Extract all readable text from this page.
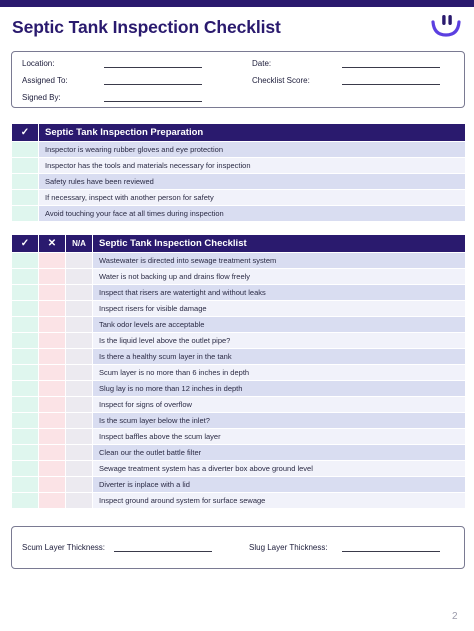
Septic Tank Inspection Checklist
Location:
Assigned To:
Signed By:
Date:
Checklist Score:
✓	Septic Tank Inspection Preparation
	Inspector is wearing rubber gloves and eye protection
	Inspector has the tools and materials necessary for inspection
	Safety rules have been reviewed
	If necessary, inspect with another person for safety
	Avoid touching your face at all times during inspection
✓	✕	N/A	Septic Tank Inspection Checklist
			Wastewater is directed into sewage treatment system
			Water is not backing up and drains flow freely
			Inspect that risers are watertight and without leaks
			Inspect risers for visible damage
			Tank odor levels are acceptable
			Is the liquid level above the outlet pipe?
			Is there a healthy scum layer in the tank
			Scum layer is no more than 6 inches in depth
			Slug lay is no more than 12 inches in depth
			Inspect for signs of overflow
			Is the scum layer below the inlet?
			Inspect baffles above the scum layer
			Clean our the outlet battle filter
			Sewage treatment system has a diverter box above ground level
			Diverter is inplace with a lid
			Inspect ground around system for surface sewage
Scum Layer Thickness:	Slug Layer Thickness:
2
